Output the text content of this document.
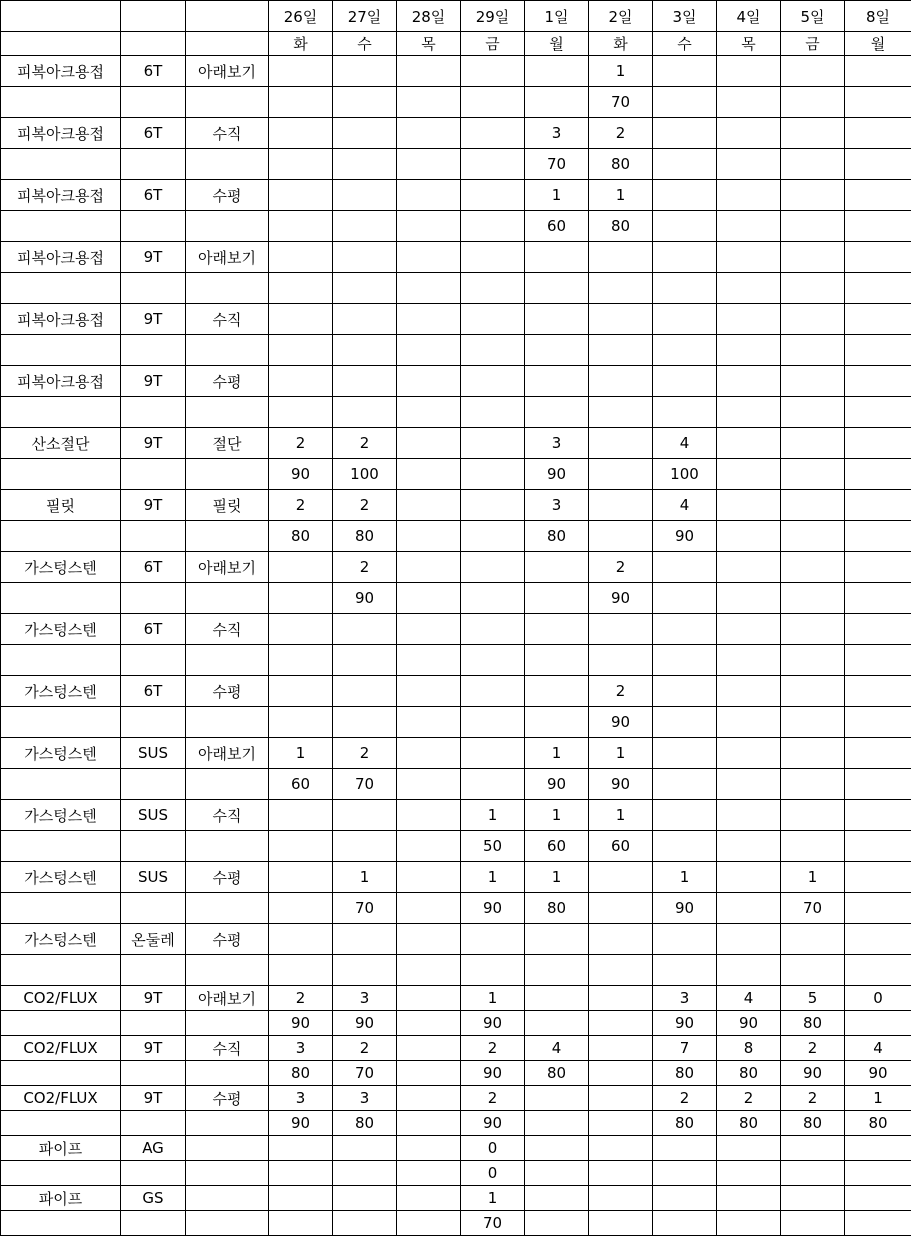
			26일	27일	28일	29일	1일	2일	3일	4일	5일	8일
			화	수	목	금	월	화	수	목	금	월
피복아크용접	6T	아래보기						1				
								70				
피복아크용접	6T	수직					3	2				
							70	80				
피복아크용접	6T	수평					1	1				
							60	80				
피복아크용접	9T	아래보기										

피복아크용접	9T	수직										

피복아크용접	9T	수평										

산소절단	9T	절단	2	2			3		4			
			90	100			90		100			
필릿	9T	필릿	2	2			3		4			
			80	80			80		90			
가스텅스텐	6T	아래보기		2				2				
				90				90				
가스텅스텐	6T	수직										

가스텅스텐	6T	수평						2				
								90				
가스텅스텐	SUS	아래보기	1	2			1	1				
			60	70			90	90				
가스텅스텐	SUS	수직				1	1	1				
						50	60	60				
가스텅스텐	SUS	수평		1		1	1		1		1	
				70		90	80		90		70	
가스텅스텐	온둘레	수평										

CO2/FLUX	9T	아래보기	2	3		1			3	4	5	0
			90	90		90			90	90	80	
CO2/FLUX	9T	수직	3	2		2	4		7	8	2	4
			80	70		90	80		80	80	90	90
CO2/FLUX	9T	수평	3	3		2			2	2	2	1
			90	80		90			80	80	80	80
파이프	AG					0						
						0						
파이프	GS					1						
						70						
